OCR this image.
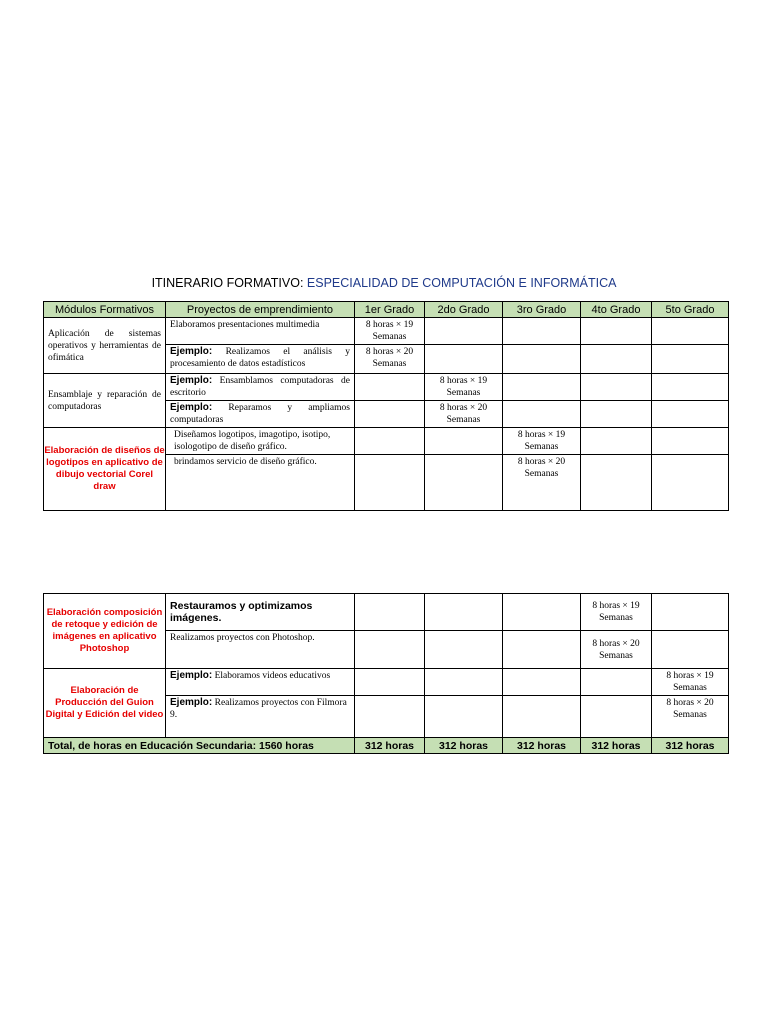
ITINERARIO FORMATIVO: ESPECIALIDAD DE COMPUTACIÓN E INFORMÁTICA
Módulos Formativos	Proyectos de emprendimiento	1er Grado	2do Grado	3ro Grado	4to Grado	5to Grado
Aplicación de sistemas operativos y herramientas de ofimática	Elaboramos presentaciones multimedia	8 horas × 19 Semanas				
	Ejemplo: Realizamos el análisis y procesamiento de datos estadísticos	8 horas × 20 Semanas				
Ensamblaje y reparación de computadoras	Ejemplo: Ensamblamos computadoras de escritorio		8 horas × 19 Semanas			
	Ejemplo: Reparamos y ampliamos computadoras		8 horas × 20 Semanas			
Elaboración de diseños de logotipos en aplicativo de dibujo vectorial Corel draw	Diseñamos logotipos, imagotipo, isotipo, isologotipo de diseño gráfico.			8 horas × 19 Semanas		
	brindamos servicio de diseño gráfico.			8 horas × 20 Semanas		
Elaboración composición de retoque y edición de imágenes en aplicativo Photoshop	Restauramos y optimizamos imágenes.				8 horas × 19 Semanas	
	Realizamos proyectos con Photoshop.				8 horas × 20 Semanas	
Elaboración de Producción del Guion Digital y Edición del video	Ejemplo: Elaboramos videos educativos					8 horas × 19 Semanas
	Ejemplo: Realizamos proyectos con Filmora 9.					8 horas × 20 Semanas
Total, de horas en Educación Secundaria: 1560 horas		312 horas	312 horas	312 horas	312 horas	312 horas
